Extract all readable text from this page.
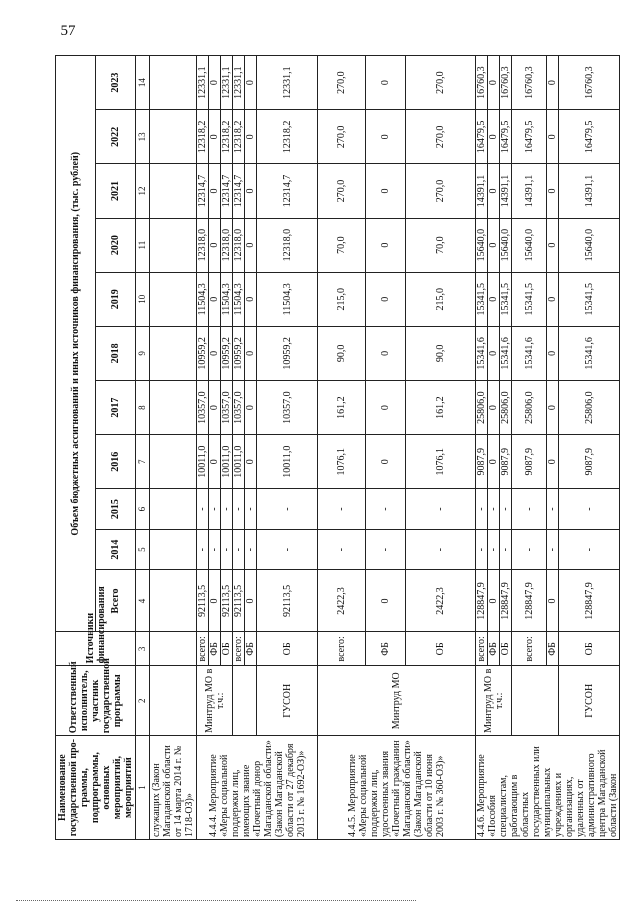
57
Наименование государственной про-граммы, подпрограммы, основных мероприятий, мероприятий	Ответственный исполнитель, участник государственной программы	Источники финансирования	Объем бюджетных ассигнований и иных источников финансирования, (тыс. рублей)										
			Всего	2014	2015	2016	2017	2018	2019	2020	2021	2022	2023
1	2	3	4	5	6	7	8	9	10	11	12	13	14
служащих (Закон Магаданской области от 14 марта 2014 г. № 1718-ОЗ)»													
4.4.4. Мероприятие «Меры социальной поддержки лиц, имеющих звание «Почетный донор Магаданской области» (Закон Магаданской области от 27 декабря 2013 г. № 1692-ОЗ)»	Минтруд МО в т.ч.:	всего:	92113,5	-	-	10011,0	10357,0	10959,2	11504,3	12318,0	12314,7	12318,2	12331,1
		ФБ	0	-	-	0	0	0	0	0	0	0	0
		ОБ	92113,5	-	-	10011,0	10357,0	10959,2	11504,3	12318,0	12314,7	12318,2	12331,1
		всего:	92113,5	-	-	10011,0	10357,0	10959,2	11504,3	12318,0	12314,7	12318,2	12331,1
		ФБ	0	-	-	0	0	0	0	0	0	0	0
	ГУСОН	ОБ	92113,5	-	-	10011,0	10357,0	10959,2	11504,3	12318,0	12314,7	12318,2	12331,1
4.4.5. Мероприятие «Меры социальной поддержки лиц, удостоенных звания «Почетный гражданин Магаданской области» (Закон Магаданской области от 10 июня 2003 г. № 360-ОЗ)»	Минтруд МО	всего:	2422,3	-	-	1076,1	161,2	90,0	215,0	70,0	270,0	270,0	270,0
		ФБ	0	-	-	0	0	0	0	0	0	0	0
		ОБ	2422,3	-	-	1076,1	161,2	90,0	215,0	70,0	270,0	270,0	270,0
4.4.6. Мероприятие «Пособия специалистам, работающим в областных государственных или муниципальных учреждениях и организациях, удаленных от административного центра Магаданской области (Закон	Минтруд МО в т.ч.:	всего:	128847,9	-	-	9087,9	25806,0	15341,6	15341,5	15640,0	14391,1	16479,5	16760,3
		ФБ	0	-	-	0	0	0	0	0	0	0	0
		ОБ	128847,9	-	-	9087,9	25806,0	15341,6	15341,5	15640,0	14391,1	16479,5	16760,3
		всего:	128847,9	-	-	9087,9	25806,0	15341,6	15341,5	15640,0	14391,1	16479,5	16760,3
		ФБ	0	-	-	0	0	0	0	0	0	0	0
	ГУСОН	ОБ	128847,9	-	-	9087,9	25806,0	15341,6	15341,5	15640,0	14391,1	16479,5	16760,3
